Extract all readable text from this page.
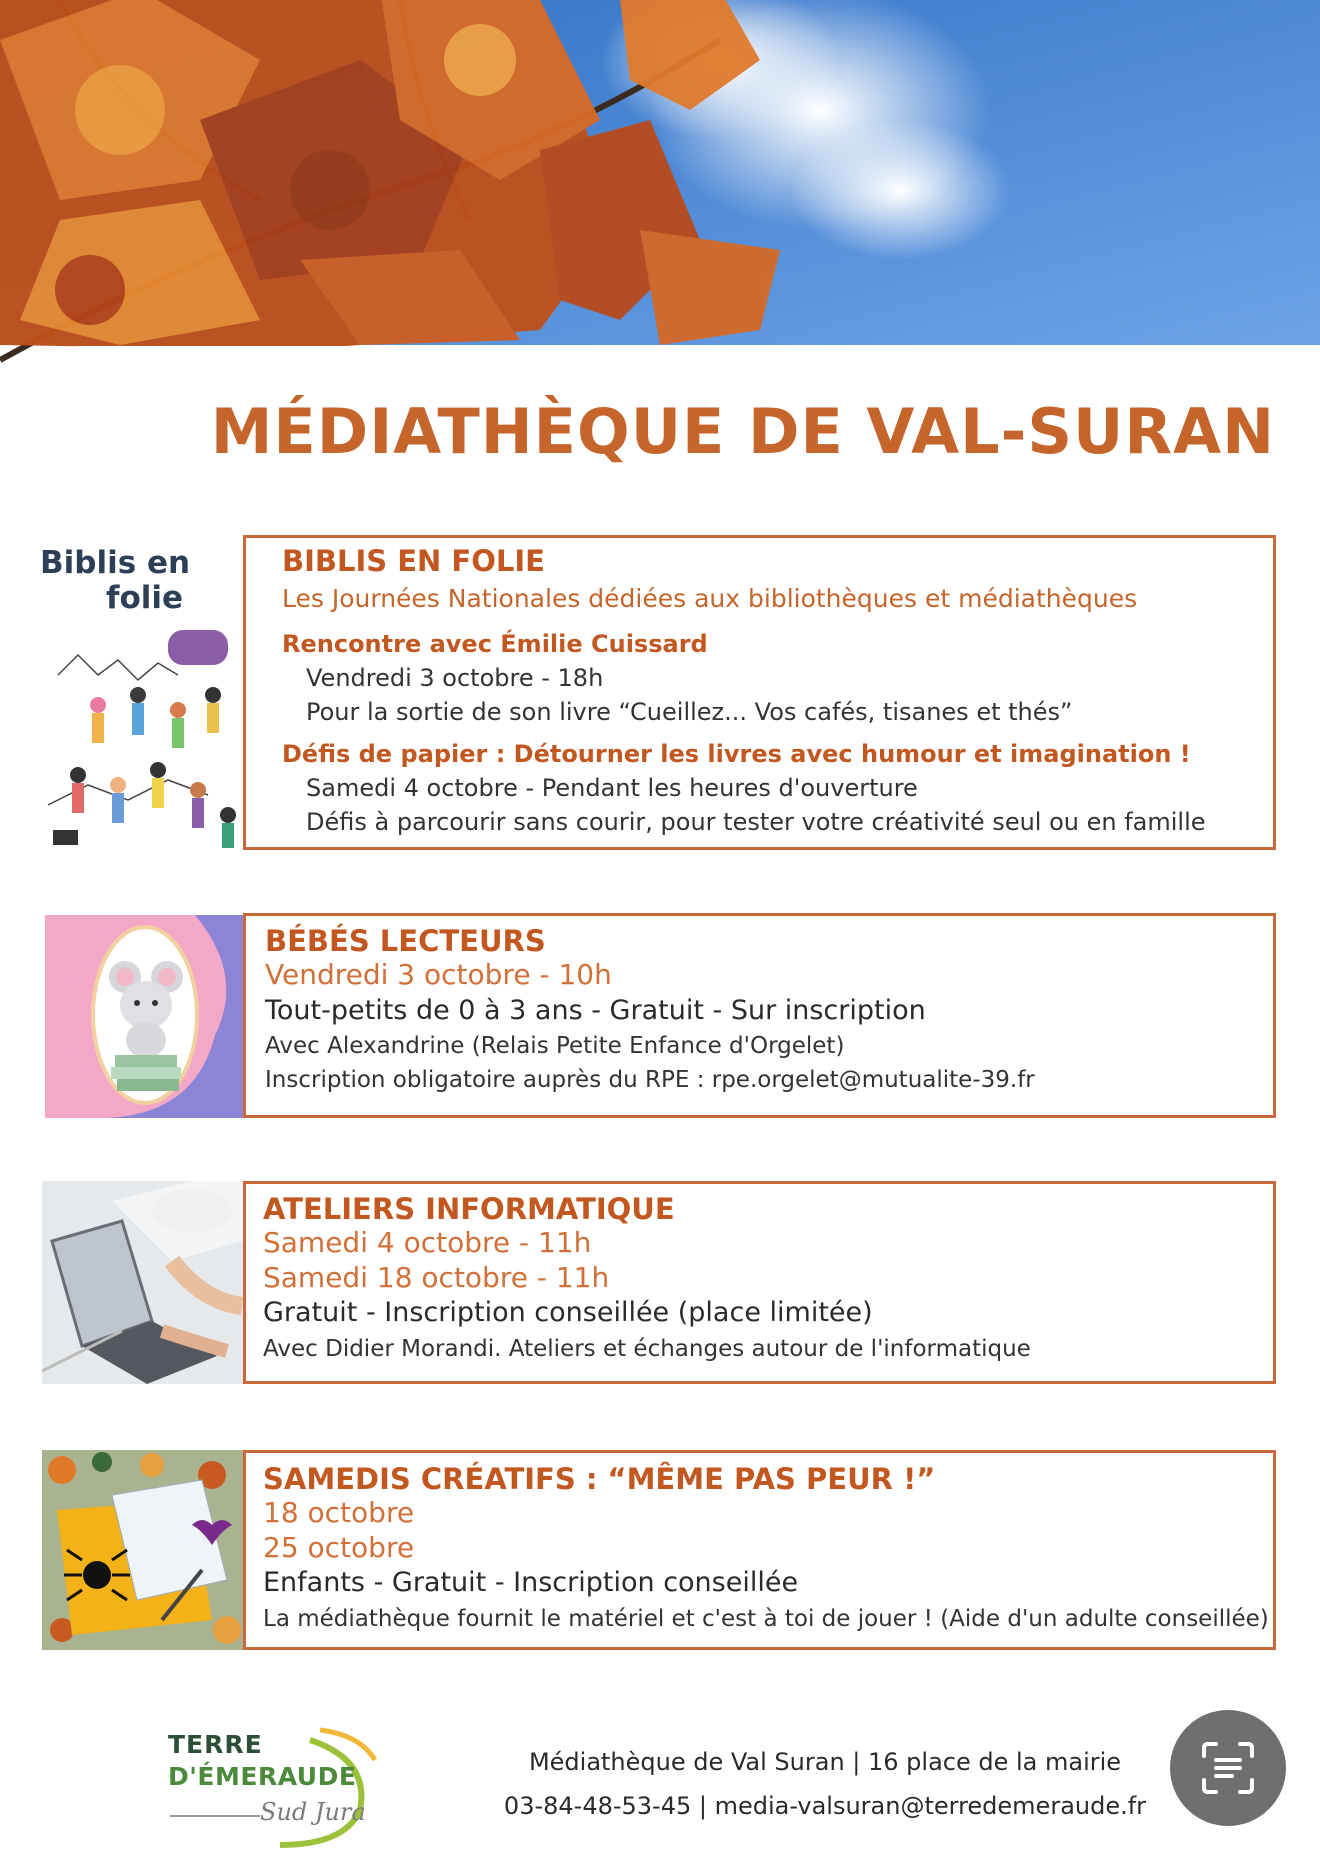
MÉDIATHÈQUE DE VAL-SURAN
Biblis en
folie
BIBLIS EN FOLIE
Les Journées Nationales dédiées aux bibliothèques et médiathèques
Rencontre avec Émilie Cuissard
Vendredi 3 octobre - 18h
Pour la sortie de son livre “Cueillez... Vos cafés, tisanes et thés”
Défis de papier : Détourner les livres avec humour et imagination !
Samedi 4 octobre - Pendant les heures d'ouverture
Défis à parcourir sans courir, pour tester votre créativité seul ou en famille
BÉBÉS LECTEURS
Vendredi 3 octobre - 10h
Tout-petits de 0 à 3 ans - Gratuit - Sur inscription
Avec Alexandrine (Relais Petite Enfance d'Orgelet)
Inscription obligatoire auprès du RPE : rpe.orgelet@mutualite-39.fr
ATELIERS INFORMATIQUE
Samedi 4 octobre - 11h
Samedi 18 octobre - 11h
Gratuit - Inscription conseillée (place limitée)
Avec Didier Morandi. Ateliers et échanges autour de l'informatique
SAMEDIS CRÉATIFS : “MÊME PAS PEUR !”
18 octobre
25 octobre
Enfants - Gratuit - Inscription conseillée
La médiathèque fournit le matériel et c'est à toi de jouer ! (Aide d'un adulte conseillée)
TERRE
D'ÉMERAUDE
Sud Jura
Médiathèque de Val Suran | 16 place de la mairie
03-84-48-53-45 | media-valsuran@terredemeraude.fr
